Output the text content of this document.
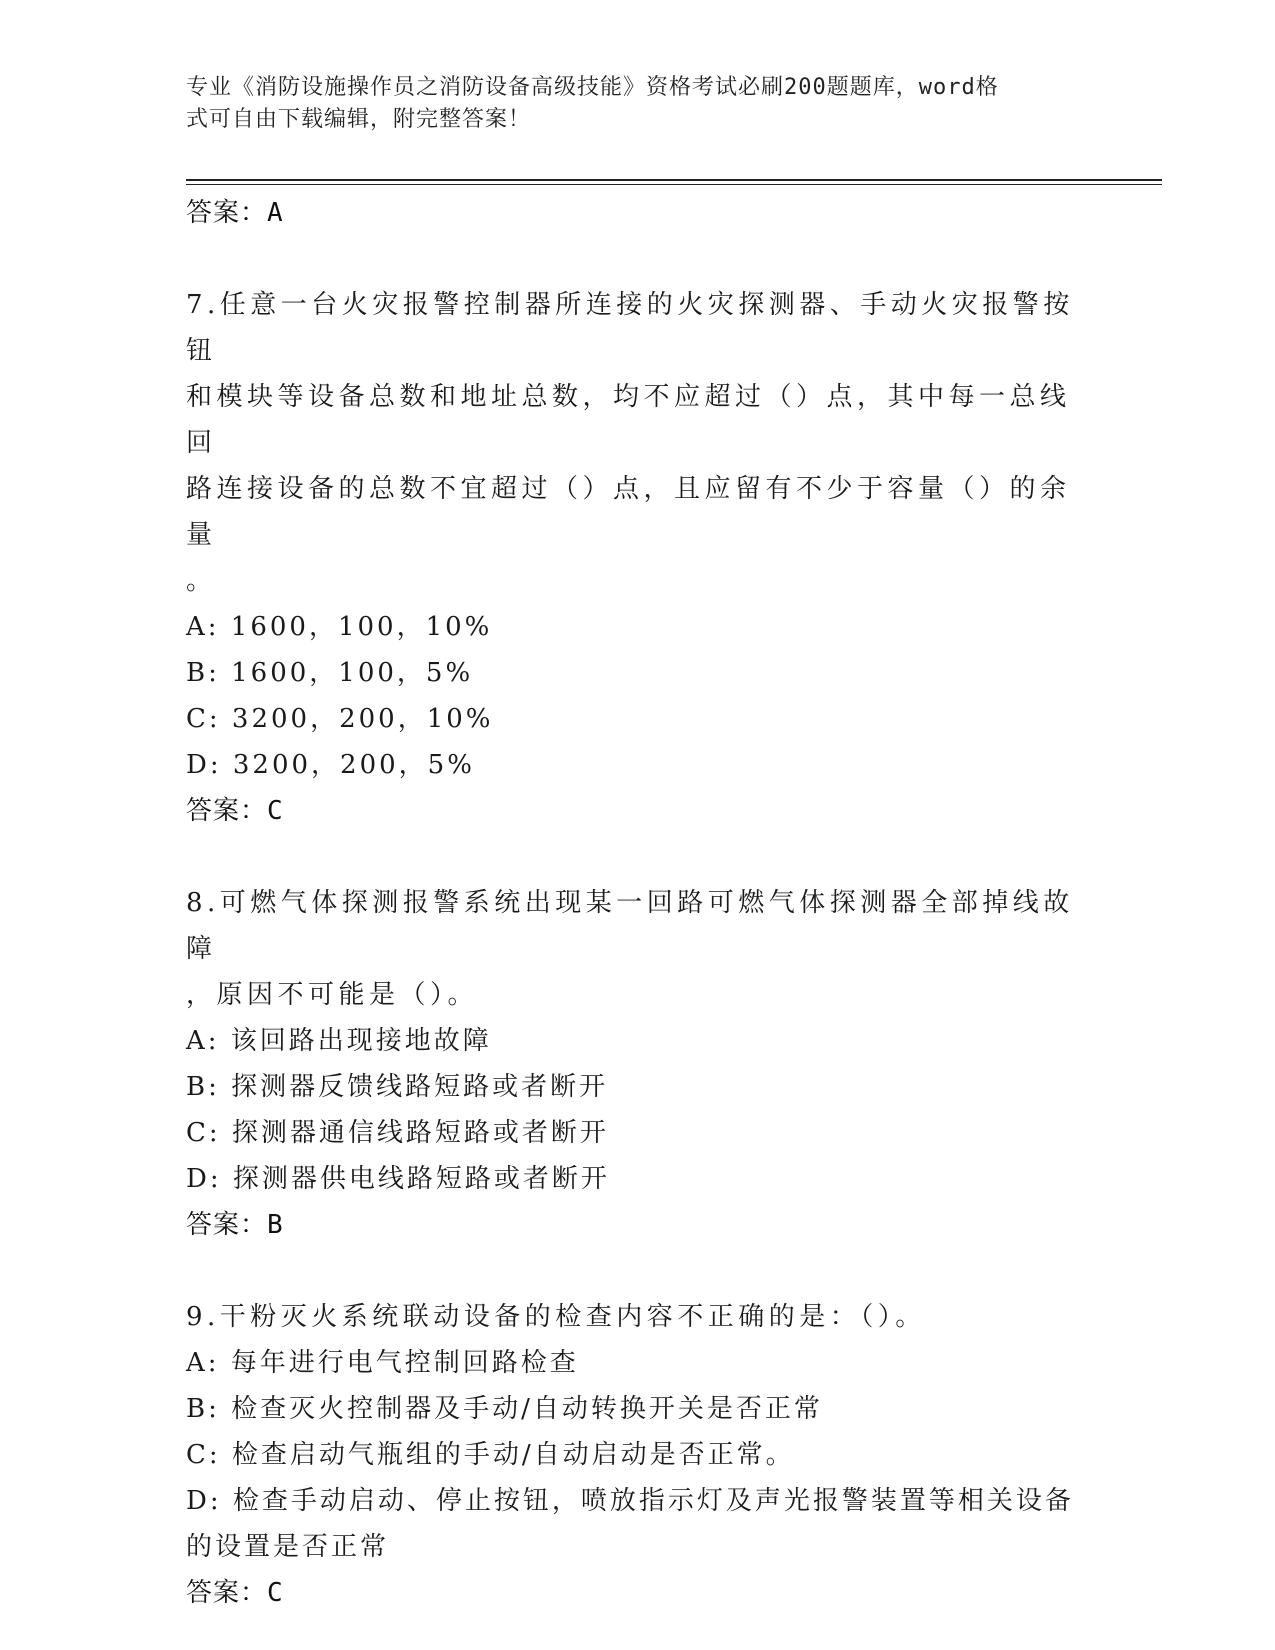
专业《消防设施操作员之消防设备高级技能》资格考试必刷200题题库，word格
式可自由下载编辑，附完整答案！
答案：A
7.任意一台火灾报警控制器所连接的火灾探测器、手动火灾报警按钮
和模块等设备总数和地址总数，均不应超过（）点，其中每一总线回
路连接设备的总数不宜超过（）点，且应留有不少于容量（）的余量
。
A: 1600，100，10%
B: 1600，100，5%
C: 3200，200，10%
D: 3200，200，5%
答案：C
8.可燃气体探测报警系统出现某一回路可燃气体探测器全部掉线故障
，原因不可能是（）。
A: 该回路出现接地故障
B: 探测器反馈线路短路或者断开
C: 探测器通信线路短路或者断开
D: 探测器供电线路短路或者断开
答案：B
9.干粉灭火系统联动设备的检查内容不正确的是：（）。
A: 每年进行电气控制回路检查
B: 检查灭火控制器及手动/自动转换开关是否正常
C: 检查启动气瓶组的手动/自动启动是否正常。
D: 检查手动启动、停止按钮，喷放指示灯及声光报警装置等相关设备
的设置是否正常
答案：C
